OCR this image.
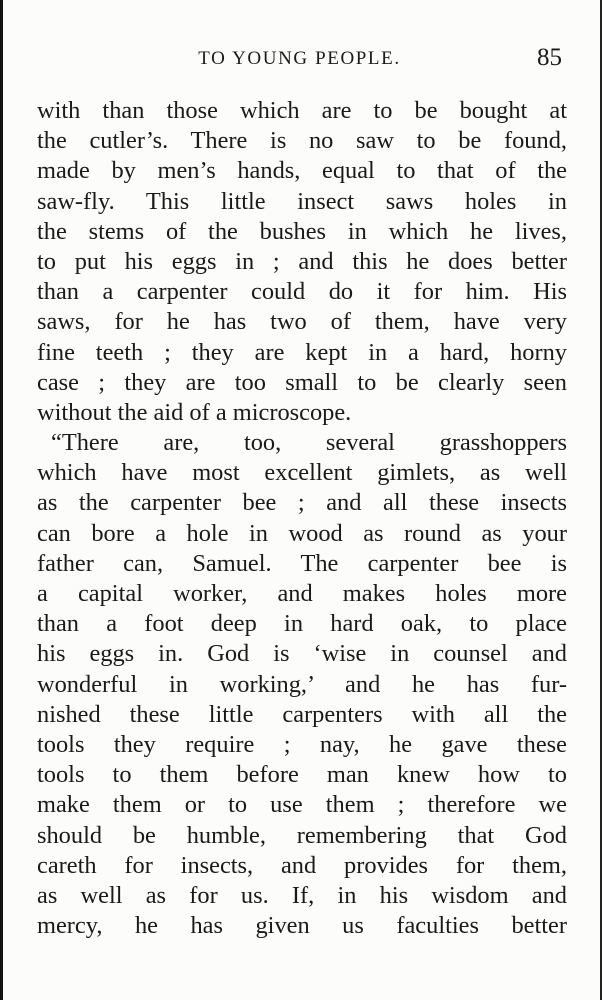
TO YOUNG PEOPLE.	85
with than those which are to be bought at
the cutler’s. There is no saw to be found,
made by men’s hands, equal to that of the
saw-fly. This little insect saws holes in
the stems of the bushes in which he lives,
to put his eggs in ; and this he does better
than a carpenter could do it for him. His
saws, for he has two of them, have very
fine teeth ; they are kept in a hard, horny
case ; they are too small to be clearly seen
without the aid of a microscope.
“There are, too, several grasshoppers
which have most excellent gimlets, as well
as the carpenter bee ; and all these insects
can bore a hole in wood as round as your
father can, Samuel. The carpenter bee is
a capital worker, and makes holes more
than a foot deep in hard oak, to place
his eggs in. God is ‘wise in counsel and
wonderful in working,’ and he has fur-
nished these little carpenters with all the
tools they require ; nay, he gave these
tools to them before man knew how to
make them or to use them ; therefore we
should be humble, remembering that God
careth for insects, and provides for them,
as well as for us. If, in his wisdom and
mercy, he has given us faculties better
